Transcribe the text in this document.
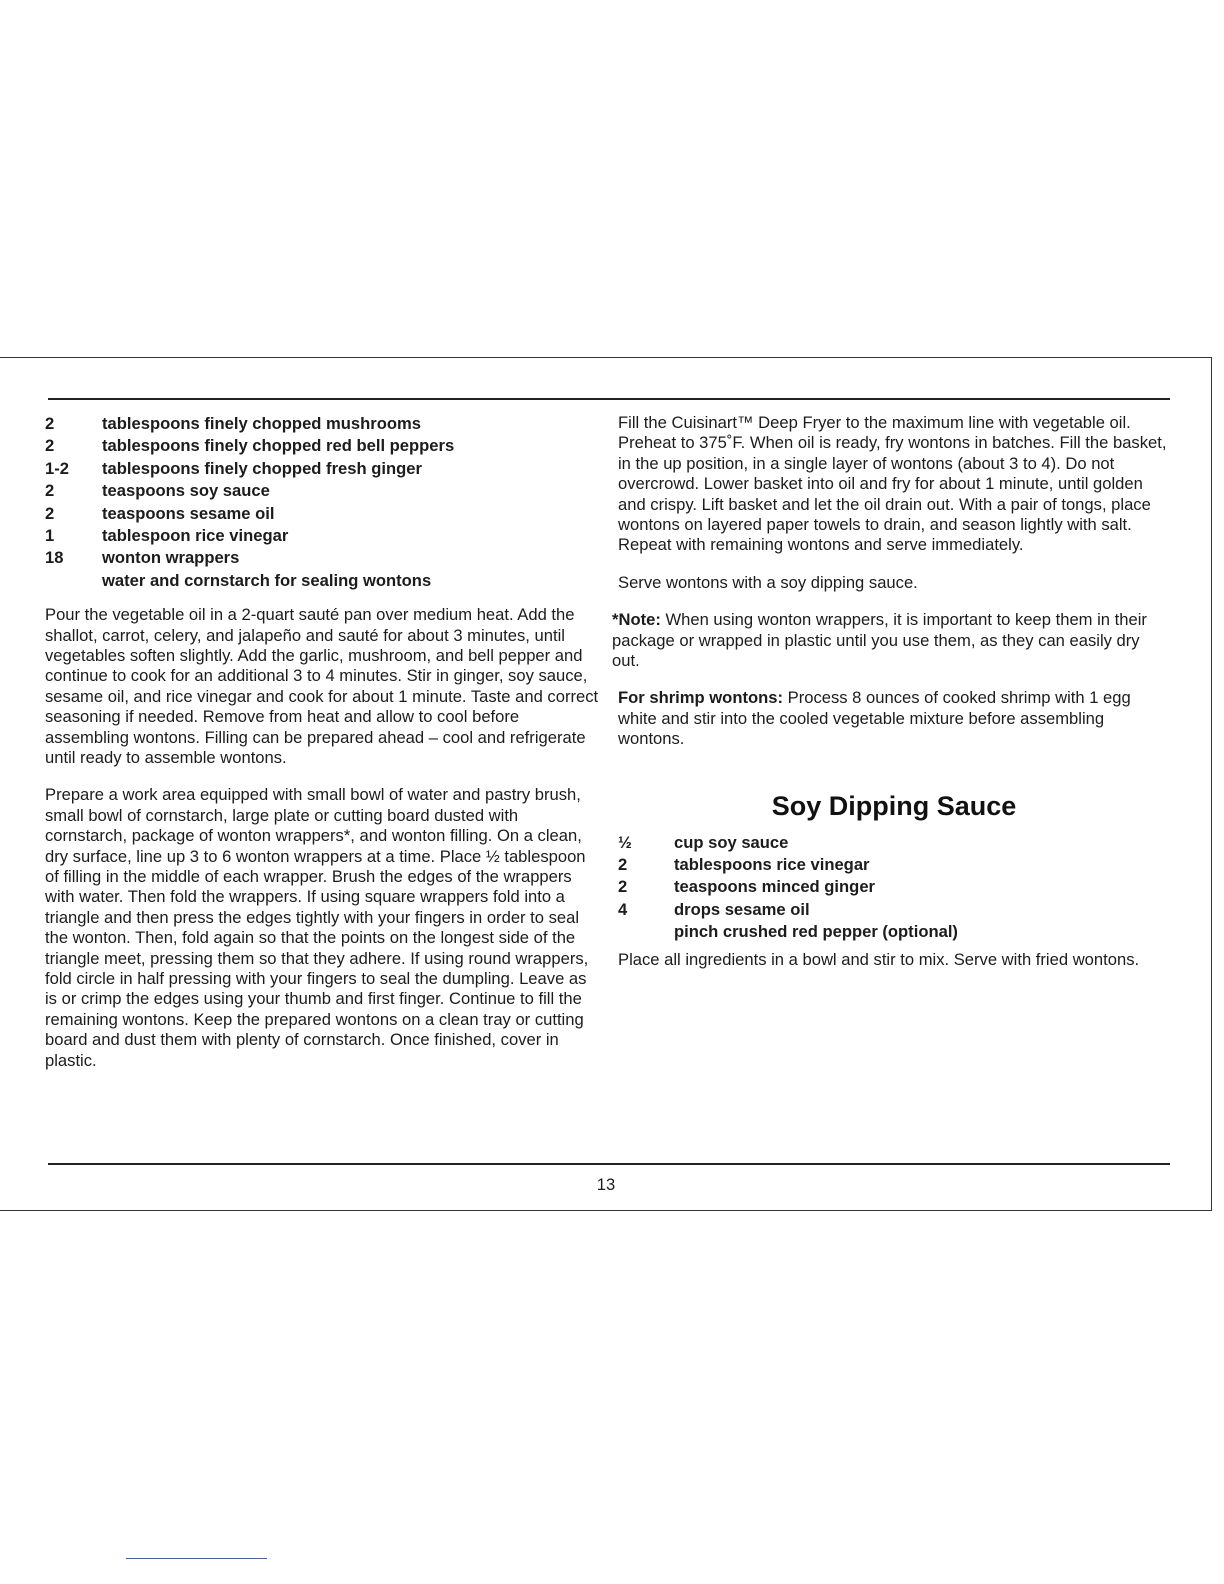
2	tablespoons finely chopped mushrooms
2	tablespoons finely chopped red bell peppers
1-2	tablespoons finely chopped fresh ginger
2	teaspoons soy sauce
2	teaspoons sesame oil
1	tablespoon rice vinegar
18	wonton wrappers
water and cornstarch for sealing wontons

Pour the vegetable oil in a 2-quart sauté pan over medium heat. Add the shallot, carrot, celery, and jalapeño and sauté for about 3 minutes, until vegetables soften slightly. Add the garlic, mushroom, and bell pepper and continue to cook for an additional 3 to 4 minutes. Stir in ginger, soy sauce, sesame oil, and rice vinegar and cook for about 1 minute. Taste and correct seasoning if needed. Remove from heat and allow to cool before assembling wontons. Filling can be prepared ahead – cool and refrigerate until ready to assemble wontons.

Prepare a work area equipped with small bowl of water and pastry brush, small bowl of cornstarch, large plate or cutting board dusted with cornstarch, package of wonton wrappers*, and wonton filling. On a clean, dry surface, line up 3 to 6 wonton wrappers at a time. Place ½ tablespoon of filling in the middle of each wrapper. Brush the edges of the wrappers with water. Then fold the wrappers. If using square wrappers fold into a triangle and then press the edges tightly with your fingers in order to seal the wonton. Then, fold again so that the points on the longest side of the triangle meet, pressing them so that they adhere. If using round wrappers, fold circle in half pressing with your fingers to seal the dumpling. Leave as is or crimp the edges using your thumb and first finger. Continue to fill the remaining wontons. Keep the prepared wontons on a clean tray or cutting board and dust them with plenty of cornstarch. Once finished, cover in plastic.

Fill the Cuisinart™ Deep Fryer to the maximum line with vegetable oil. Preheat to 375˚F. When oil is ready, fry wontons in batches. Fill the basket, in the up position, in a single layer of wontons (about 3 to 4). Do not overcrowd. Lower basket into oil and fry for about 1 minute, until golden and crispy. Lift basket and let the oil drain out. With a pair of tongs, place wontons on layered paper towels to drain, and season lightly with salt. Repeat with remaining wontons and serve immediately.

Serve wontons with a soy dipping sauce.

*Note: When using wonton wrappers, it is important to keep them in their package or wrapped in plastic until you use them, as they can easily dry out.

For shrimp wontons: Process 8 ounces of cooked shrimp with 1 egg white and stir into the cooled vegetable mixture before assembling wontons.

Soy Dipping Sauce
½	cup soy sauce
2	tablespoons rice vinegar
2	teaspoons minced ginger
4	drops sesame oil
pinch crushed red pepper (optional)

Place all ingredients in a bowl and stir to mix. Serve with fried wontons.

13
